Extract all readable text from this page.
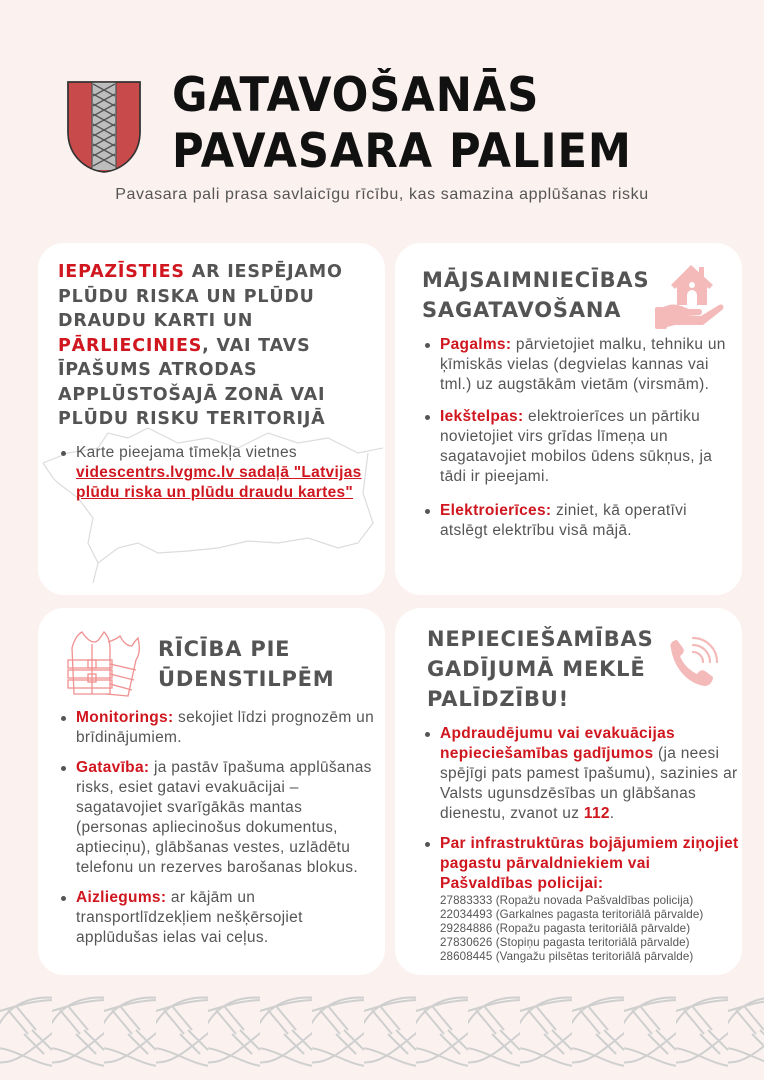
GATAVOŠANĀS
PAVASARA PALIEM
Pavasara pali prasa savlaicīgu rīcību, kas samazina applūšanas risku
IEPAZĪSTIES AR IESPĒJAMO PLŪDU RISKA UN PLŪDU DRAUDU KARTI UN PĀRLIECINIES, VAI TAVS ĪPAŠUMS ATRODAS APPLŪSTOŠAJĀ ZONĀ VAI PLŪDU RISKU TERITORIJĀ
Karte pieejama tīmekļa vietnes videscentrs.lvgmc.lv sadaļā "Latvijas plūdu riska un plūdu draudu kartes"
MĀJSAIMNIECĪBAS SAGATAVOŠANA
Pagalms: pārvietojiet malku, tehniku un ķīmiskās vielas (degvielas kannas vai tml.) uz augstākām vietām (virsmām).
Iekštelpas: elektroierīces un pārtiku novietojiet virs grīdas līmeņa un sagatavojiet mobilos ūdens sūkņus, ja tādi ir pieejami.
Elektroierīces: ziniet, kā operatīvi atslēgt elektrību visā mājā.
RĪCĪBA PIE ŪDENSTILPĒM
Monitorings: sekojiet līdzi prognozēm un brīdinājumiem.
Gatavība: ja pastāv īpašuma applūšanas risks, esiet gatavi evakuācijai – sagatavojiet svarīgākās mantas (personas apliecinošus dokumentus, aptieciņu), glābšanas vestes, uzlādētu telefonu un rezerves barošanas blokus.
Aizliegums: ar kājām un transportlīdzekļiem nešķērsojiet applūdušas ielas vai ceļus.
NEPIECIEŠAMĪBAS GADĪJUMĀ MEKLĒ PALĪDZĪBU!
Apdraudējumu vai evakuācijas nepieciešamības gadījumos (ja neesi spējīgi pats pamest īpašumu), sazinies ar Valsts ugunsdzēsības un glābšanas dienestu, zvanot uz 112.
Par infrastruktūras bojājumiem ziņojiet pagastu pārvaldniekiem vai Pašvaldības policijai:
27883333 (Ropažu novada Pašvaldības policija)
22034493 (Garkalnes pagasta teritoriālā pārvalde)
29284886 (Ropažu pagasta teritoriālā pārvalde)
27830626 (Stopiņu pagasta teritoriālā pārvalde)
28608445 (Vangažu pilsētas teritoriālā pārvalde)
